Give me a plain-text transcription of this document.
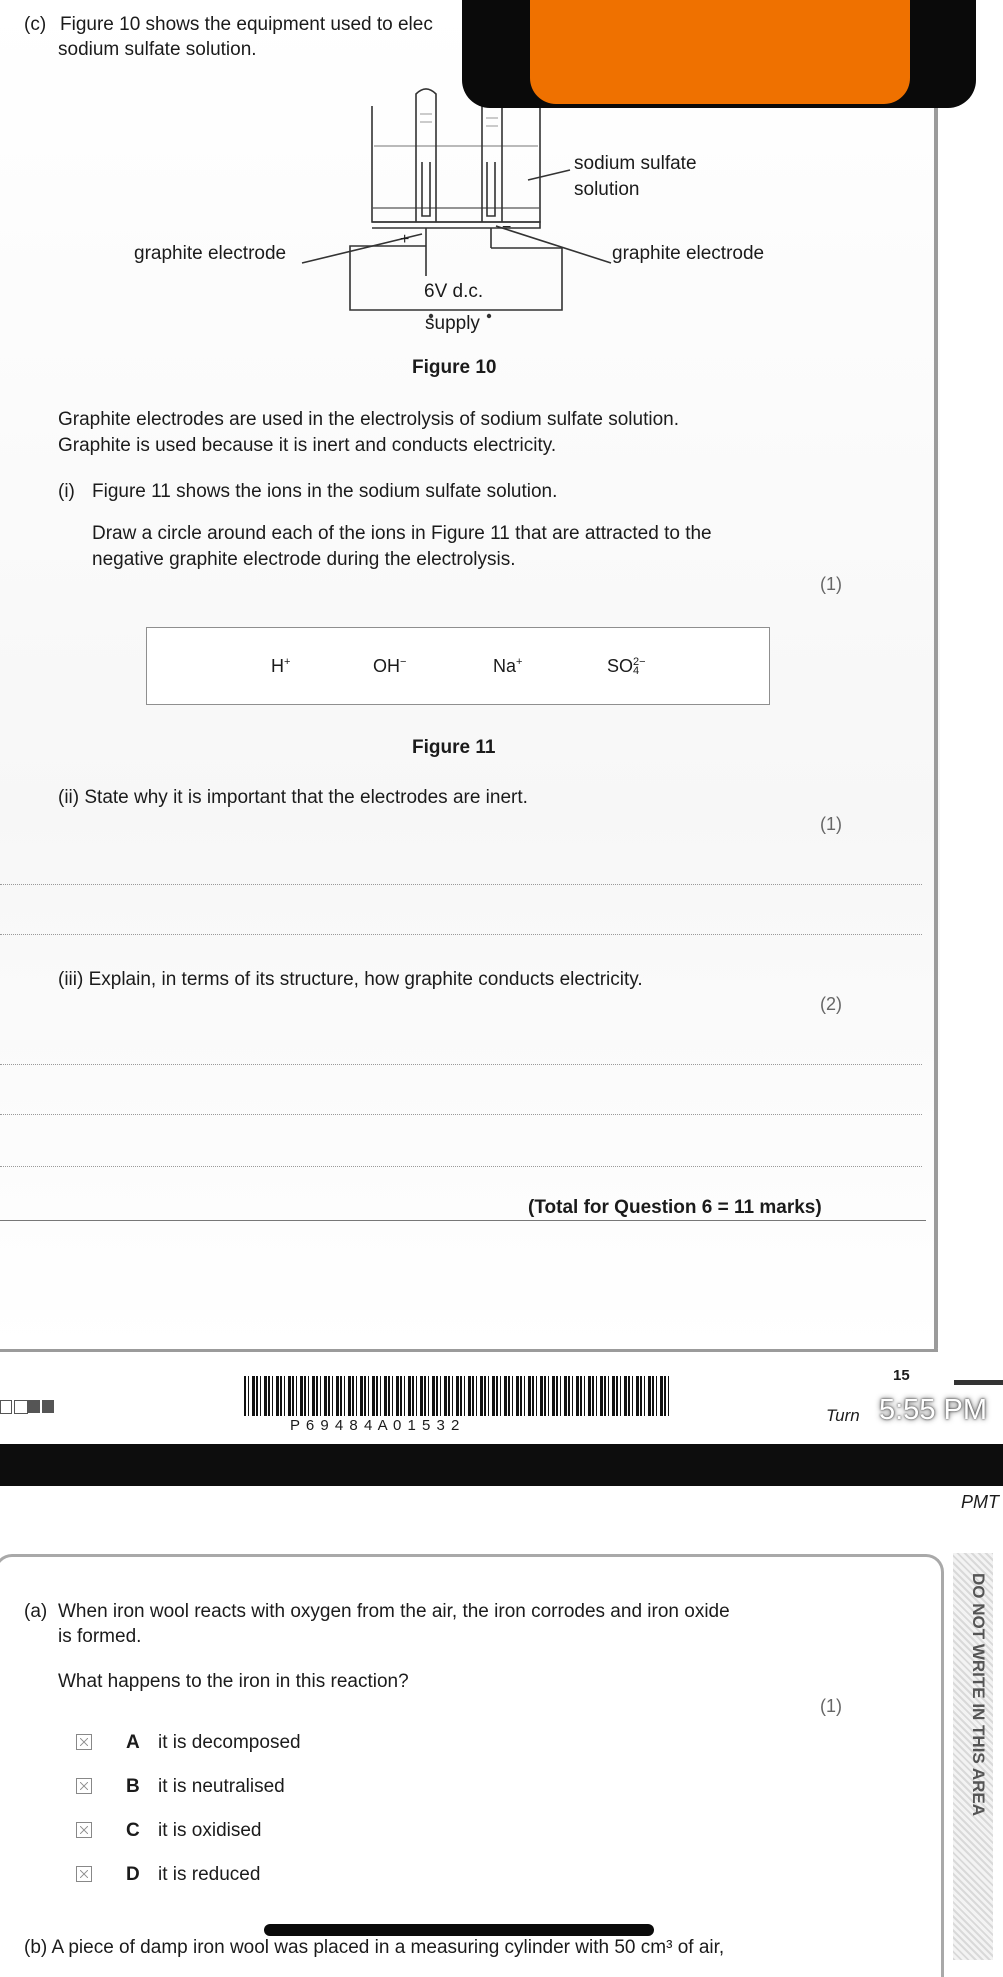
(c) Figure 10 shows the equipment used to elec
sodium sulfate solution.
sodium sulfate
solution
graphite electrode	graphite electrode
+
−
6V d.c.
supply
Figure 10
Graphite electrodes are used in the electrolysis of sodium sulfate solution.
Graphite is used because it is inert and conducts electricity.
(i) Figure 11 shows the ions in the sodium sulfate solution.
Draw a circle around each of the ions in Figure 11 that are attracted to the
negative graphite electrode during the electrolysis.
(1)
H+	OH−	Na+	SO2−
4
Figure 11
(ii) State why it is important that the electrodes are inert.
(1)
(iii) Explain, in terms of its structure, how graphite conducts electricity.
(2)
(Total for Question 6 = 11 marks)
15
P 6 9 4 8 4 A 0 1 5 3 2
Turn 5:55 PM
PMT
DO NOT WRITE IN THIS AREA
(a) When iron wool reacts with oxygen from the air, the iron corrodes and iron oxide
is formed.
What happens to the iron in this reaction?
(1)
A it is decomposed
B it is neutralised
C it is oxidised
D it is reduced
(b) A piece of damp iron wool was placed in a measuring cylinder with 50 cm³ of air,
